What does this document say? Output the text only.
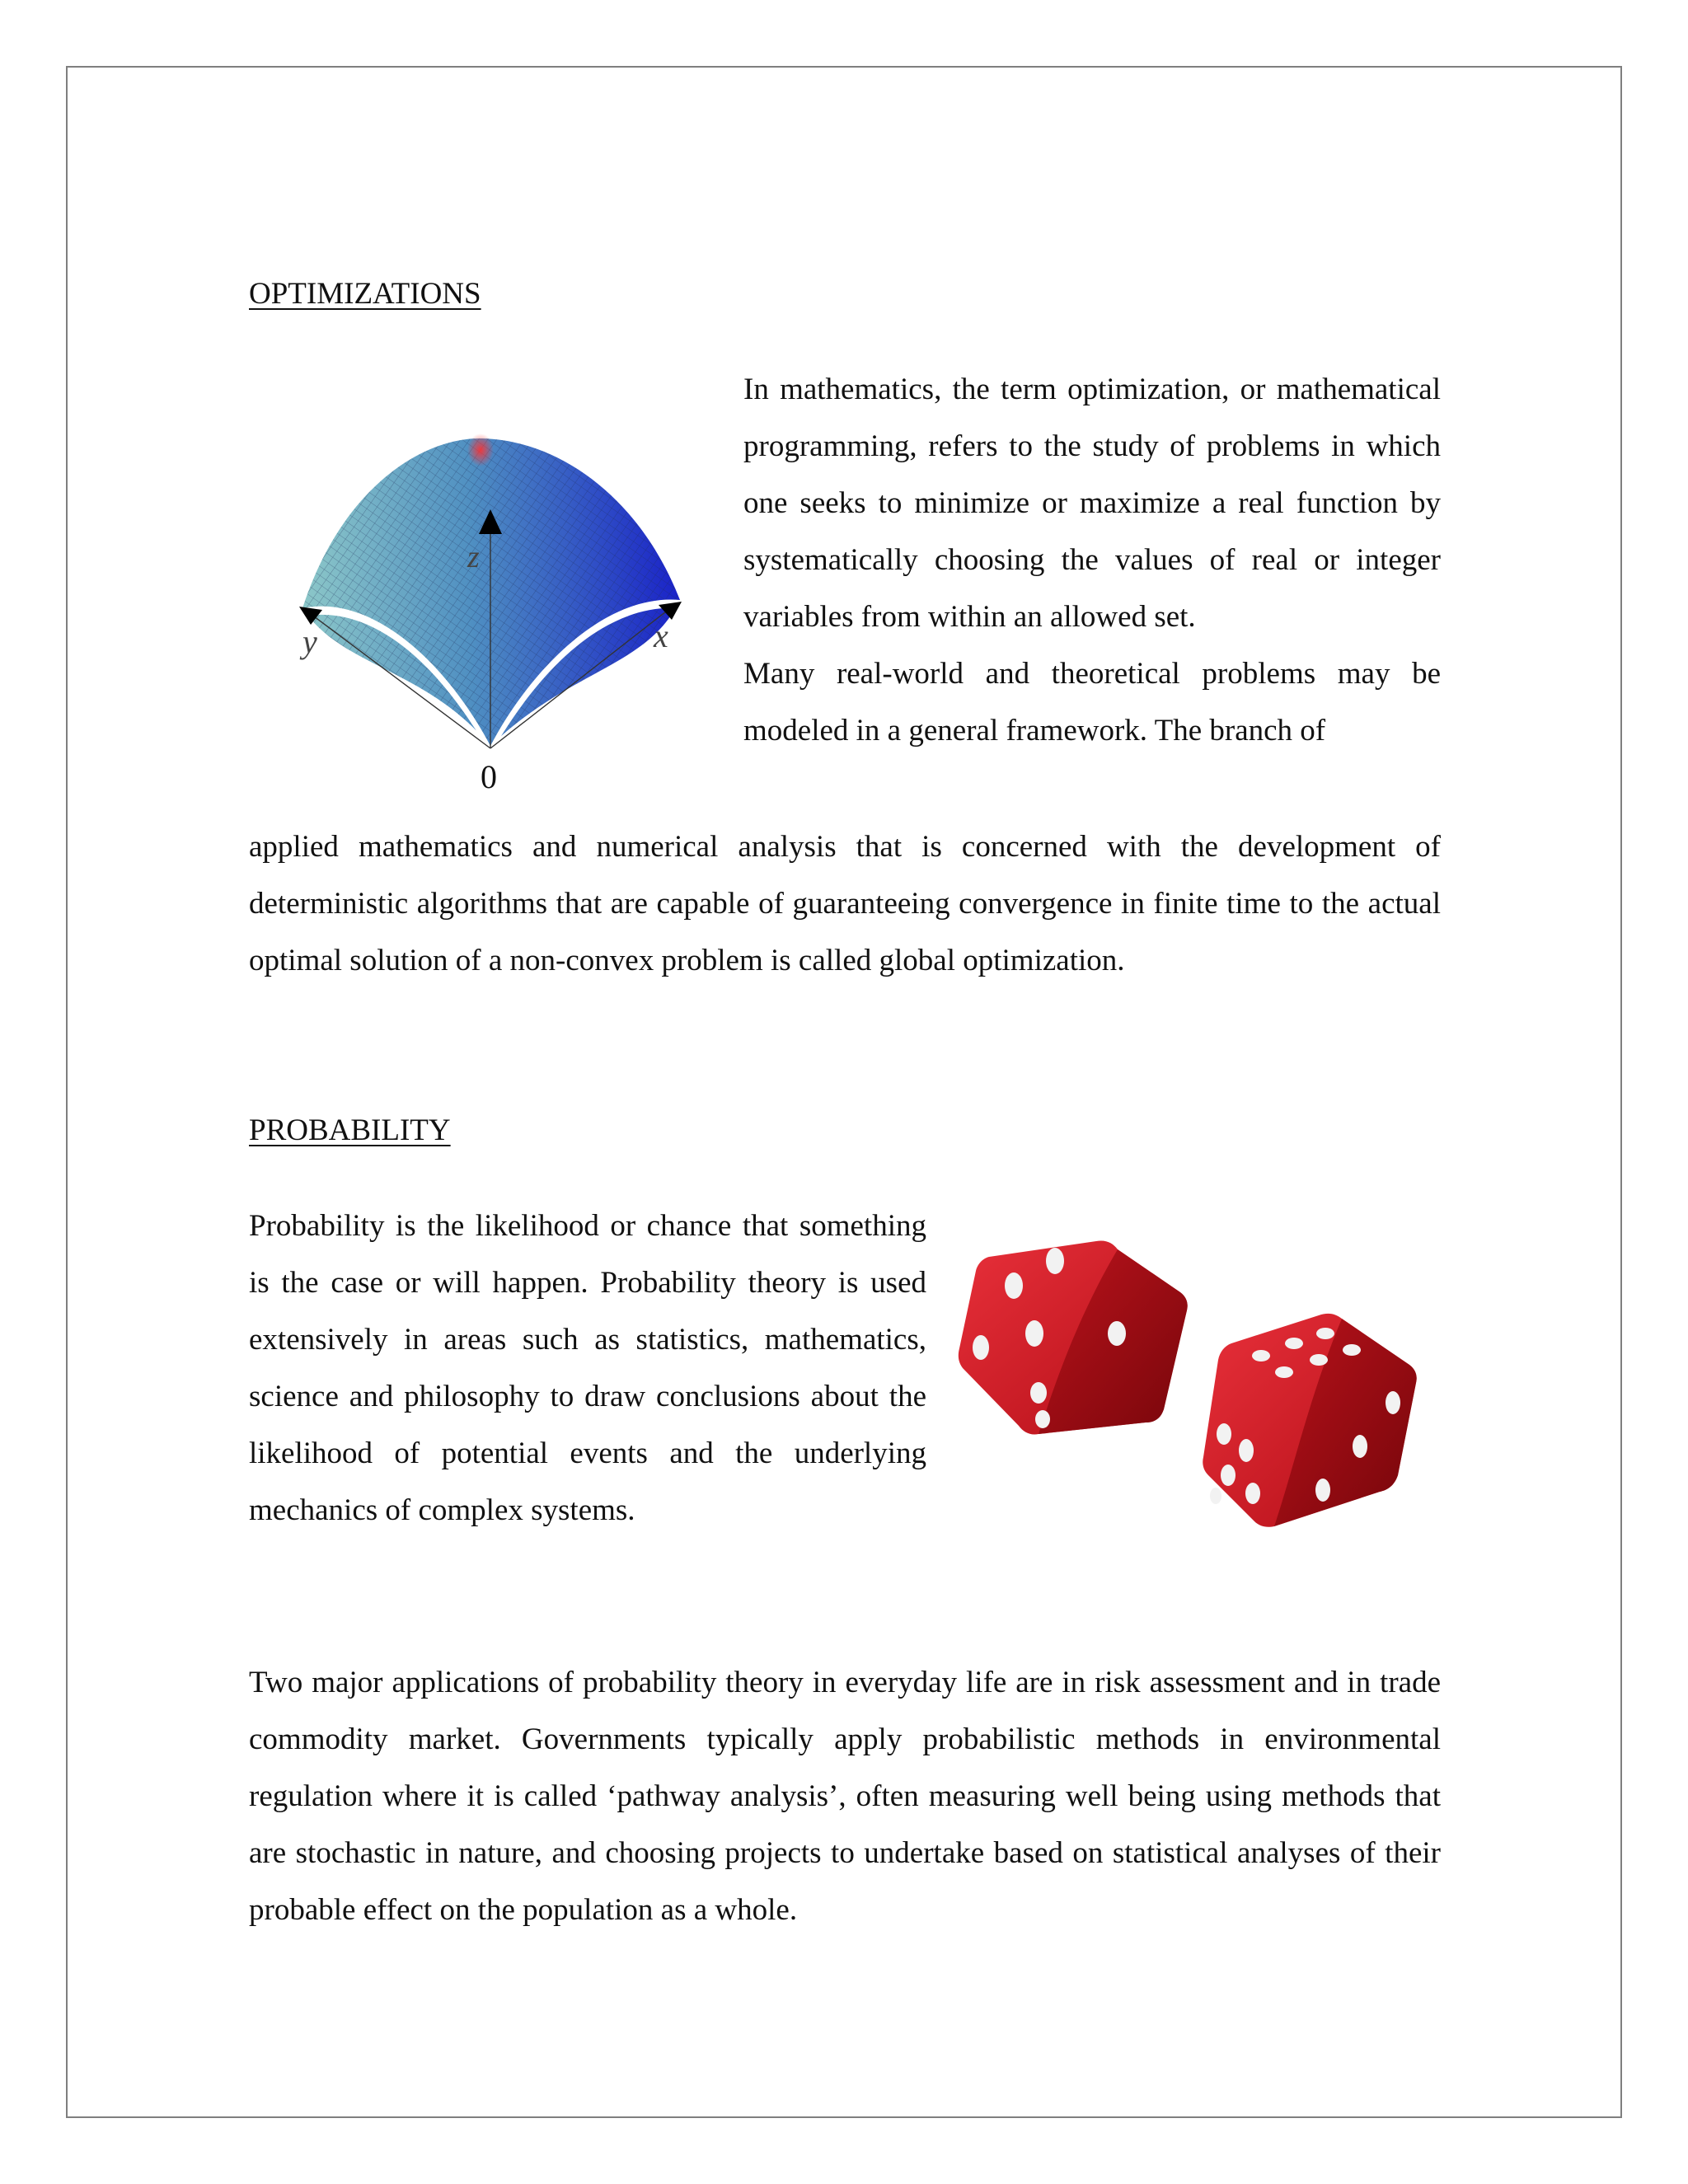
OPTIMIZATIONS
z
y	x
0

In mathematics, the term optimization, or mathematical programming, refers to the study of problems in which one seeks to minimize or maximize a real function by systematically choosing the values of real or integer variables from within an allowed set.

Many real-world and theoretical problems may be modeled in a general framework. The branch of

applied mathematics and numerical analysis that is concerned with the development of deterministic algorithms that are capable of guaranteeing convergence in finite time to the actual optimal solution of a non-convex problem is called global optimization.

PROBABILITY

Probability is the likelihood or chance that something is the case or will happen. Probability theory is used extensively in areas such as statistics, mathematics, science and philosophy to draw conclusions about the likelihood of potential events and the underlying mechanics of complex systems.

Two major applications of probability theory in everyday life are in risk assessment and in trade commodity market. Governments typically apply probabilistic methods in environmental regulation where it is called ‘pathway analysis’, often measuring well being using methods that are stochastic in nature, and choosing projects to undertake based on statistical analyses of their probable effect on the population as a whole.
